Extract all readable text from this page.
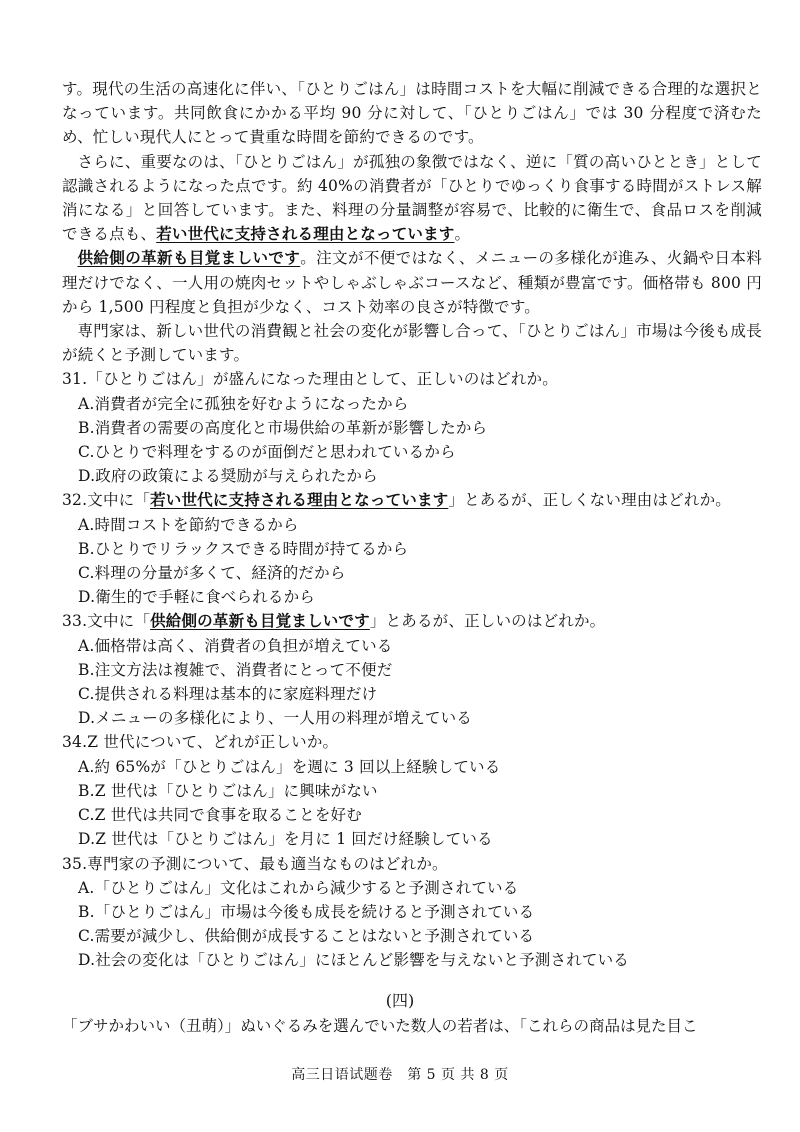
す。現代の生活の高速化に伴い、「ひとりごはん」は時間コストを大幅に削減できる合理的な選択となっています。共同飲食にかかる平均 90 分に対して、「ひとりごはん」では 30 分程度で済むため、忙しい現代人にとって貴重な時間を節約できるのです。

さらに、重要なのは、「ひとりごはん」が孤独の象徴ではなく、逆に「質の高いひととき」として認識されるようになった点です。約 40%の消費者が「ひとりでゆっくり食事する時間がストレス解消になる」と回答しています。また、料理の分量調整が容易で、比較的に衛生で、食品ロスを削減できる点も、若い世代に支持される理由となっています。

供給側の革新も目覚ましいです。注文が不便ではなく、メニューの多様化が進み、火鍋や日本料理だけでなく、一人用の焼肉セットやしゃぶしゃぶコースなど、種類が豊富です。価格帯も 800 円から 1,500 円程度と負担が少なく、コスト効率の良さが特徴です。

専門家は、新しい世代の消費観と社会の変化が影響し合って、「ひとりごはん」市場は今後も成長が続くと予測しています。

31.「ひとりごはん」が盛んになった理由として、正しいのはどれか。

A.消費者が完全に孤独を好むようになったから
B.消費者の需要の高度化と市場供給の革新が影響したから
C.ひとりで料理をするのが面倒だと思われているから
D.政府の政策による奨励が与えられたから

32.文中に「若い世代に支持される理由となっています」とあるが、正しくない理由はどれか。

A.時間コストを節約できるから
B.ひとりでリラックスできる時間が持てるから
C.料理の分量が多くて、経済的だから
D.衛生的で手軽に食べられるから

33.文中に「供給側の革新も目覚ましいです」とあるが、正しいのはどれか。

A.価格帯は高く、消費者の負担が増えている
B.注文方法は複雑で、消費者にとって不便だ
C.提供される料理は基本的に家庭料理だけ
D.メニューの多様化により、一人用の料理が増えている

34.Z 世代について、どれが正しいか。

A.約 65%が「ひとりごはん」を週に 3 回以上経験している
B.Z 世代は「ひとりごはん」に興味がない
C.Z 世代は共同で食事を取ることを好む
D.Z 世代は「ひとりごはん」を月に 1 回だけ経験している

35.専門家の予測について、最も適当なものはどれか。

A.「ひとりごはん」文化はこれから減少すると予測されている
B.「ひとりごはん」市場は今後も成長を続けると予測されている
C.需要が減少し、供給側が成長することはないと予測されている
D.社会の変化は「ひとりごはん」にほとんど影響を与えないと予測されている
(四)
「ブサかわいい（丑萌）」ぬいぐるみを選んでいた数人の若者は、「これらの商品は見た目こ
高三日语试题卷　第 5 页 共 8 页
